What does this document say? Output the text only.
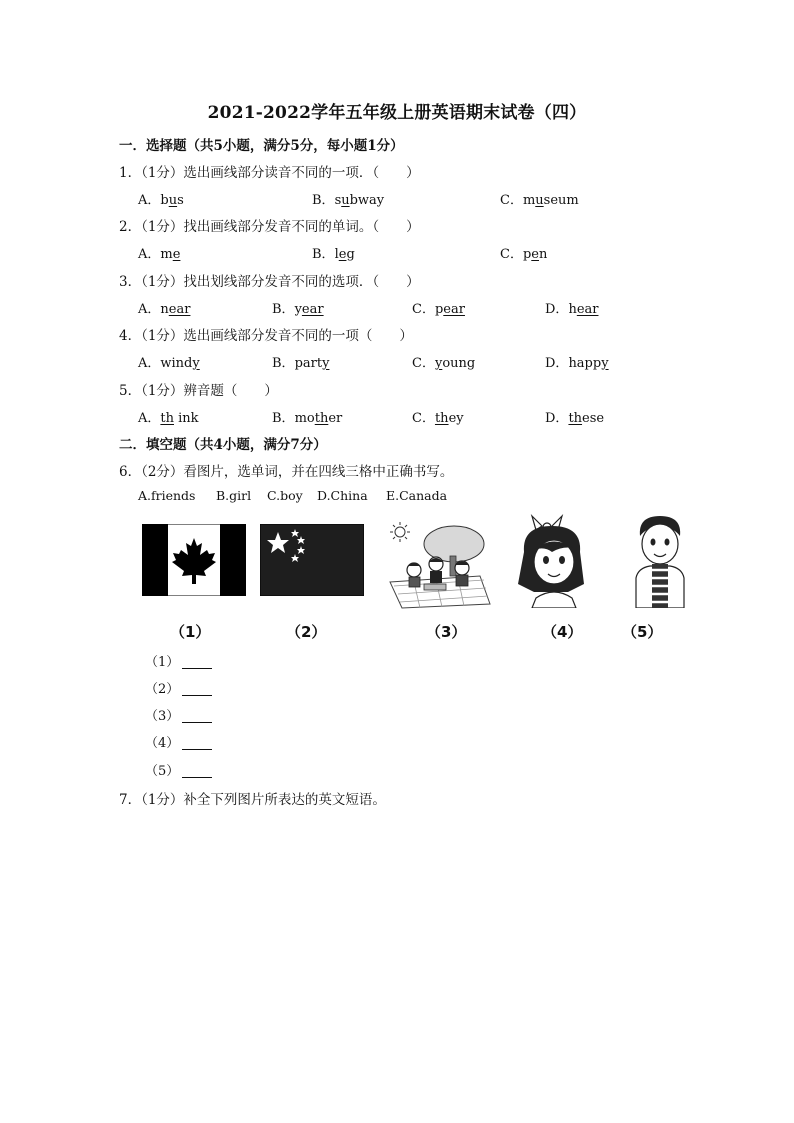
2021-2022学年五年级上册英语期末试卷（四）
一．选择题（共5小题，满分5分，每小题1分）
1．（1分）选出画线部分读音不同的一项．（　　）
A．bus	B．subway	C．museum
2．（1分）找出画线部分发音不同的单词。（　　）
A．me	B．leg	C．pen
3．（1分）找出划线部分发音不同的选项．（　　）
A．near	B．year	C．pear	D．hear
4．（1分）选出画线部分发音不同的一项（　　）
A．windy	B．party	C．young	D．happy
5．（1分）辨音题（　　）
A．th ink	B．mother	C．they	D．these
二．填空题（共4小题，满分7分）
6．（2分）看图片，选单词，并在四线三格中正确书写。
A.friends B.girl C.boy D.China E.Canada
（1）	（2）	（3）	（4）	（5）
（1）
（2）
（3）
（4）
（5）
7．（1分）补全下列图片所表达的英文短语。
